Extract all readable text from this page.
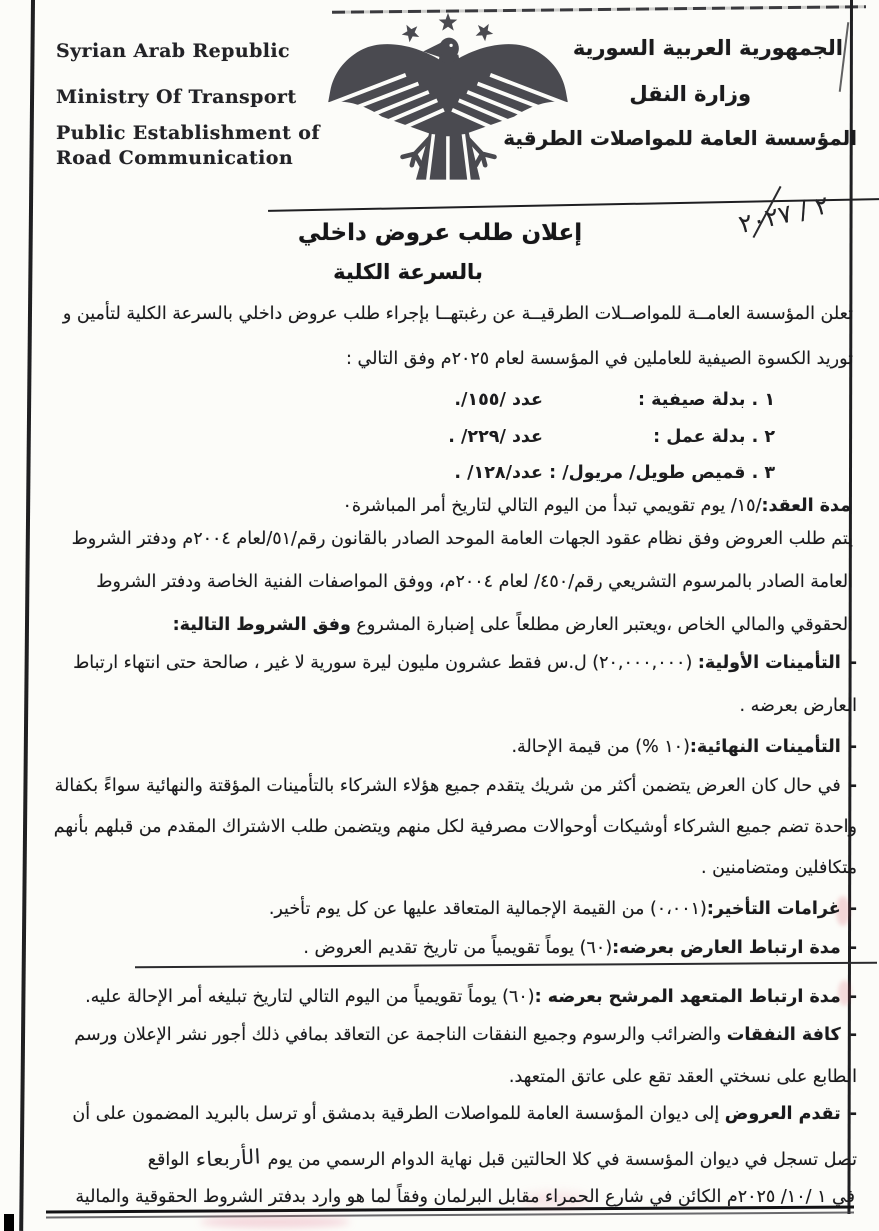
Syrian Arab Republic
Ministry Of Transport
Public Establishment of
Road Communication
الجمهورية العربية السورية
وزارة النقل
المؤسسة العامة للمواصلات الطرقية
٢ / ٢٠٢٧
إعلان طلب عروض داخلي
بالسرعة الكلية
تعلن المؤسسة العامــة للمواصــلات الطرقيــة عن رغبتهــا بإجراء طلب عروض داخلي بالسرعة الكلية لتأمين و توريد الكسوة الصيفية للعاملين في المؤسسة لعام ٢٠٢٥م وفق التالي :
١ . بدلة صيفية :
عدد /١٥٥/.
٢ . بدلة عمل :
عدد /٢٢٩/ .
٣ . قميص طويل/ مريول/ :
عدد/١٢٨/ .
مدة العقد:/١٥/ يوم تقويمي تبدأ من اليوم التالي لتاريخ أمر المباشرة٠
يتم طلب العروض وفق نظام عقود الجهات العامة الموحد الصادر بالقانون رقم/٥١/لعام ٢٠٠٤م ودفتر الشروط العامة الصادر بالمرسوم التشريعي رقم/٤٥٠/ لعام ٢٠٠٤م، ووفق المواصفات الفنية الخاصة ودفتر الشروط الحقوقي والمالي الخاص ،ويعتبر العارض مطلعاً على إضبارة المشروع وفق الشروط التالية:
-التأمينات الأولية: (٢٠,٠٠٠,٠٠٠) ل.س فقط عشرون مليون ليرة سورية لا غير ، صالحة حتى انتهاء ارتباط العارض بعرضه .
-التأمينات النهائية:(١٠ %) من قيمة الإحالة.
-في حال كان العرض يتضمن أكثر من شريك يتقدم جميع هؤلاء الشركاء بالتأمينات المؤقتة والنهائية سواءً بكفالة واحدة تضم جميع الشركاء أوشيكات أوحوالات مصرفية لكل منهم ويتضمن طلب الاشتراك المقدم من قبلهم بأنهم متكافلين ومتضامنين .
-غرامات التأخير:(٠،٠٠١) من القيمة الإجمالية المتعاقد عليها عن كل يوم تأخير.
-مدة ارتباط العارض بعرضه:(٦٠) يوماً تقويمياً من تاريخ تقديم العروض .
-مدة ارتباط المتعهد المرشح بعرضه :(٦٠) يوماً تقويمياً من اليوم التالي لتاريخ تبليغه أمر الإحالة عليه.
-كافة النفقات والضرائب والرسوم وجميع النفقات الناجمة عن التعاقد بمافي ذلك أجور نشر الإعلان ورسم الطابع على نسختي العقد تقع على عاتق المتعهد.
-تقدم العروض إلى ديوان المؤسسة العامة للمواصلات الطرقية بدمشق أو ترسل بالبريد المضمون على أن تصل تسجل في ديوان المؤسسة في كلا الحالتين قبل نهاية الدوام الرسمي من يومالأربعاءالواقع
في ١ /١٠/ ٢٠٢٥م الكائن في شارع الحمراء مقابل البرلمان وفقاً لما هو وارد بدفتر الشروط الحقوقية والمالية
